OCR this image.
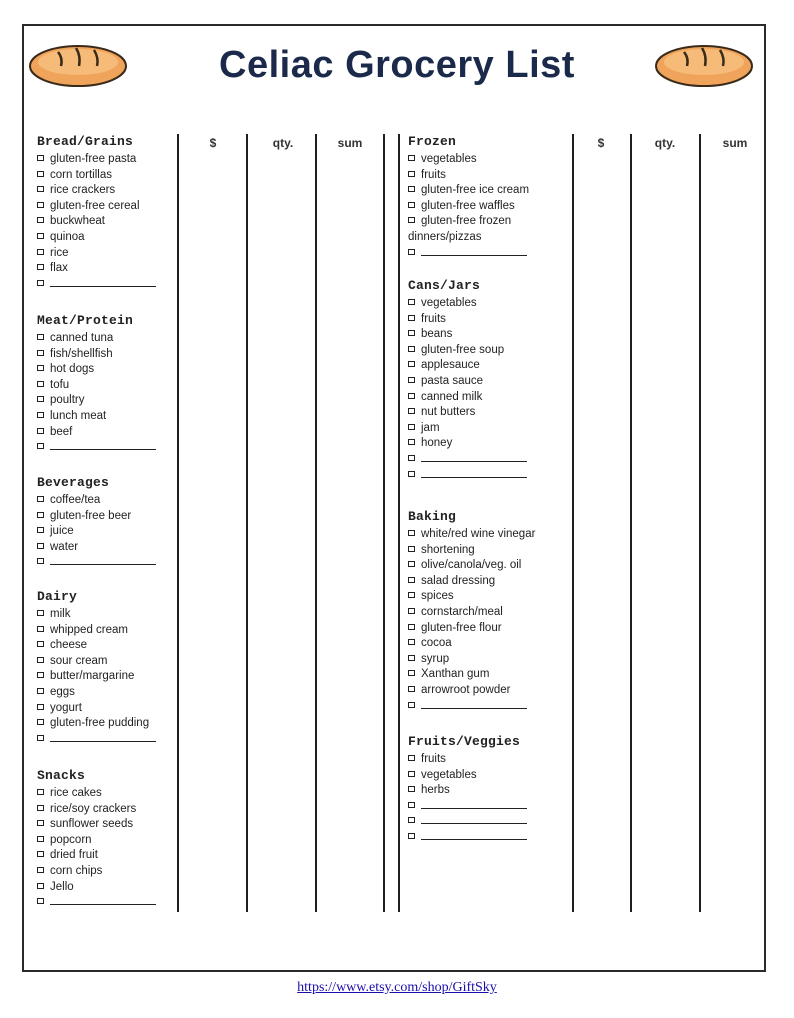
Celiac Grocery List
$	qty.	sum	$	qty.	sum
Bread/Grains
gluten-free pasta
corn tortillas
rice crackers
gluten-free cereal
buckwheat
quinoa
rice
flax
Meat/Protein
canned tuna
fish/shellfish
hot dogs
tofu
poultry
lunch meat
beef
Beverages
coffee/tea
gluten-free beer
juice
water
Dairy
milk
whipped cream
cheese
sour cream
butter/margarine
eggs
yogurt
gluten-free pudding
Snacks
rice cakes
rice/soy crackers
sunflower seeds
popcorn
dried fruit
corn chips
Jello
Frozen
vegetables
fruits
gluten-free ice cream
gluten-free waffles
gluten-free frozen dinners/pizzas
Cans/Jars
vegetables
fruits
beans
gluten-free soup
applesauce
pasta sauce
canned milk
nut butters
jam
honey
Baking
white/red wine vinegar
shortening
olive/canola/veg. oil
salad dressing
spices
cornstarch/meal
gluten-free flour
cocoa
syrup
Xanthan gum
arrowroot powder
Fruits/Veggies
fruits
vegetables
herbs
https://www.etsy.com/shop/GiftSky
